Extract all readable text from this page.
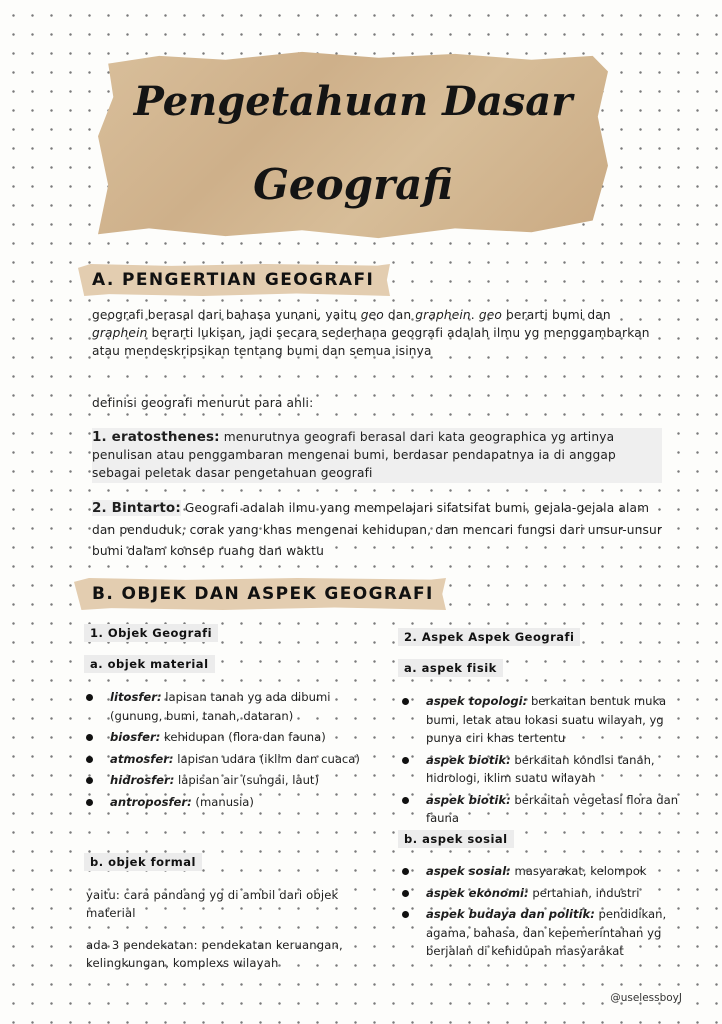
Pengetahuan Dasar
Geografi
A. PENGERTIAN GEOGRAFI

geografi berasal dari bahasa yunani, yaitu geo dan graphein. geo berarti bumi dan graphein berarti lukisan, jadi secara sederhana geografi adalah ilmu yg menggambarkan atau mendeskripsikan tentang bumi dan semua isinya

definisi geografi menurut para ahli:

1. eratosthenes: menurutnya geografi berasal dari kata geographica yg artinya penulisan atau penggambaran mengenai bumi, berdasar pendapatnya ia di anggap sebagai peletak dasar pengetahuan geografi

2. Bintarto: Geografi adalah ilmu yang mempelajari sifatsifat bumi, gejala-gejala alam dan penduduk, corak yang khas mengenai kehidupan, dan mencari fungsi dari unsur-unsur bumi dalam konsep ruang dan waktu

B. OBJEK DAN ASPEK GEOGRAFI
1. Objek Geografi
a. objek material
litosfer: lapisan tanah yg ada dibumi (gunung, bumi, tanah, dataran)
biosfer: kehidupan (flora dan fauna)
atmosfer: lapisan udara (iklim dan cuaca)
hidrosfer: lapisan air (sungai, laut)
antroposfer: (manusia)
b. objek formal

yaitu: cara pandang yg di ambil dari objek material

ada 3 pendekatan: pendekatan keruangan, kelingkungan, komplexs wilayah

2. Aspek Aspek Geografi
a. aspek fisik
aspek topologi: berkaitan bentuk muka bumi, letak atau lokasi suatu wilayah, yg punya ciri khas tertentu
aspek biotik: berkaitan kondisi tanah, hidrologi, iklim suatu wilayah
aspek biotik: berkaitan vegetasi flora dan fauna
b. aspek sosial
aspek sosial: masyarakat, kelompok
aspek ekonomi: pertanian, industri
aspek budaya dan politik: pendidikan, agama, bahasa, dan kepemerintahan yg berjalan di kehidupan masyarakat
@uselessboyJ
